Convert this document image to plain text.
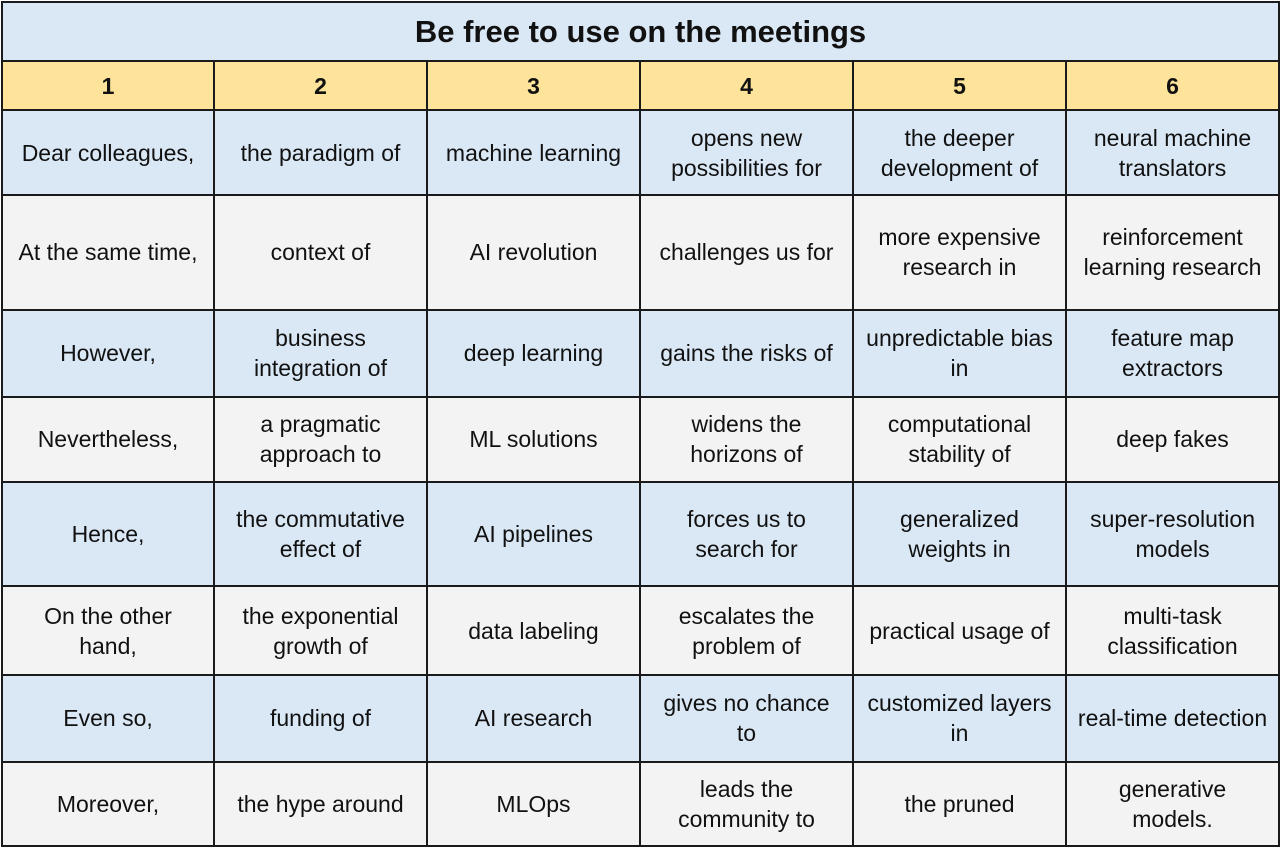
Be free to use on the meetings					
1	2	3	4	5	6
Dear colleagues,	the paradigm of	machine learning	opens new possibilities for	the deeper development of	neural machine translators
At the same time,	context of	AI revolution	challenges us for	more expensive research in	reinforcement learning research
However,	business integration of	deep learning	gains the risks of	unpredictable bias in	feature map extractors
Nevertheless,	a pragmatic approach to	ML solutions	widens the horizons of	computational stability of	deep fakes
Hence,	the commutative effect of	AI pipelines	forces us to search for	generalized weights in	super-resolution models
On the other hand,	the exponential growth of	data labeling	escalates the problem of	practical usage of	multi-task classification
Even so,	funding of	AI research	gives no chance to	customized layers in	real-time detection
Moreover,	the hype around	MLOps	leads the community to	the pruned	generative models.
